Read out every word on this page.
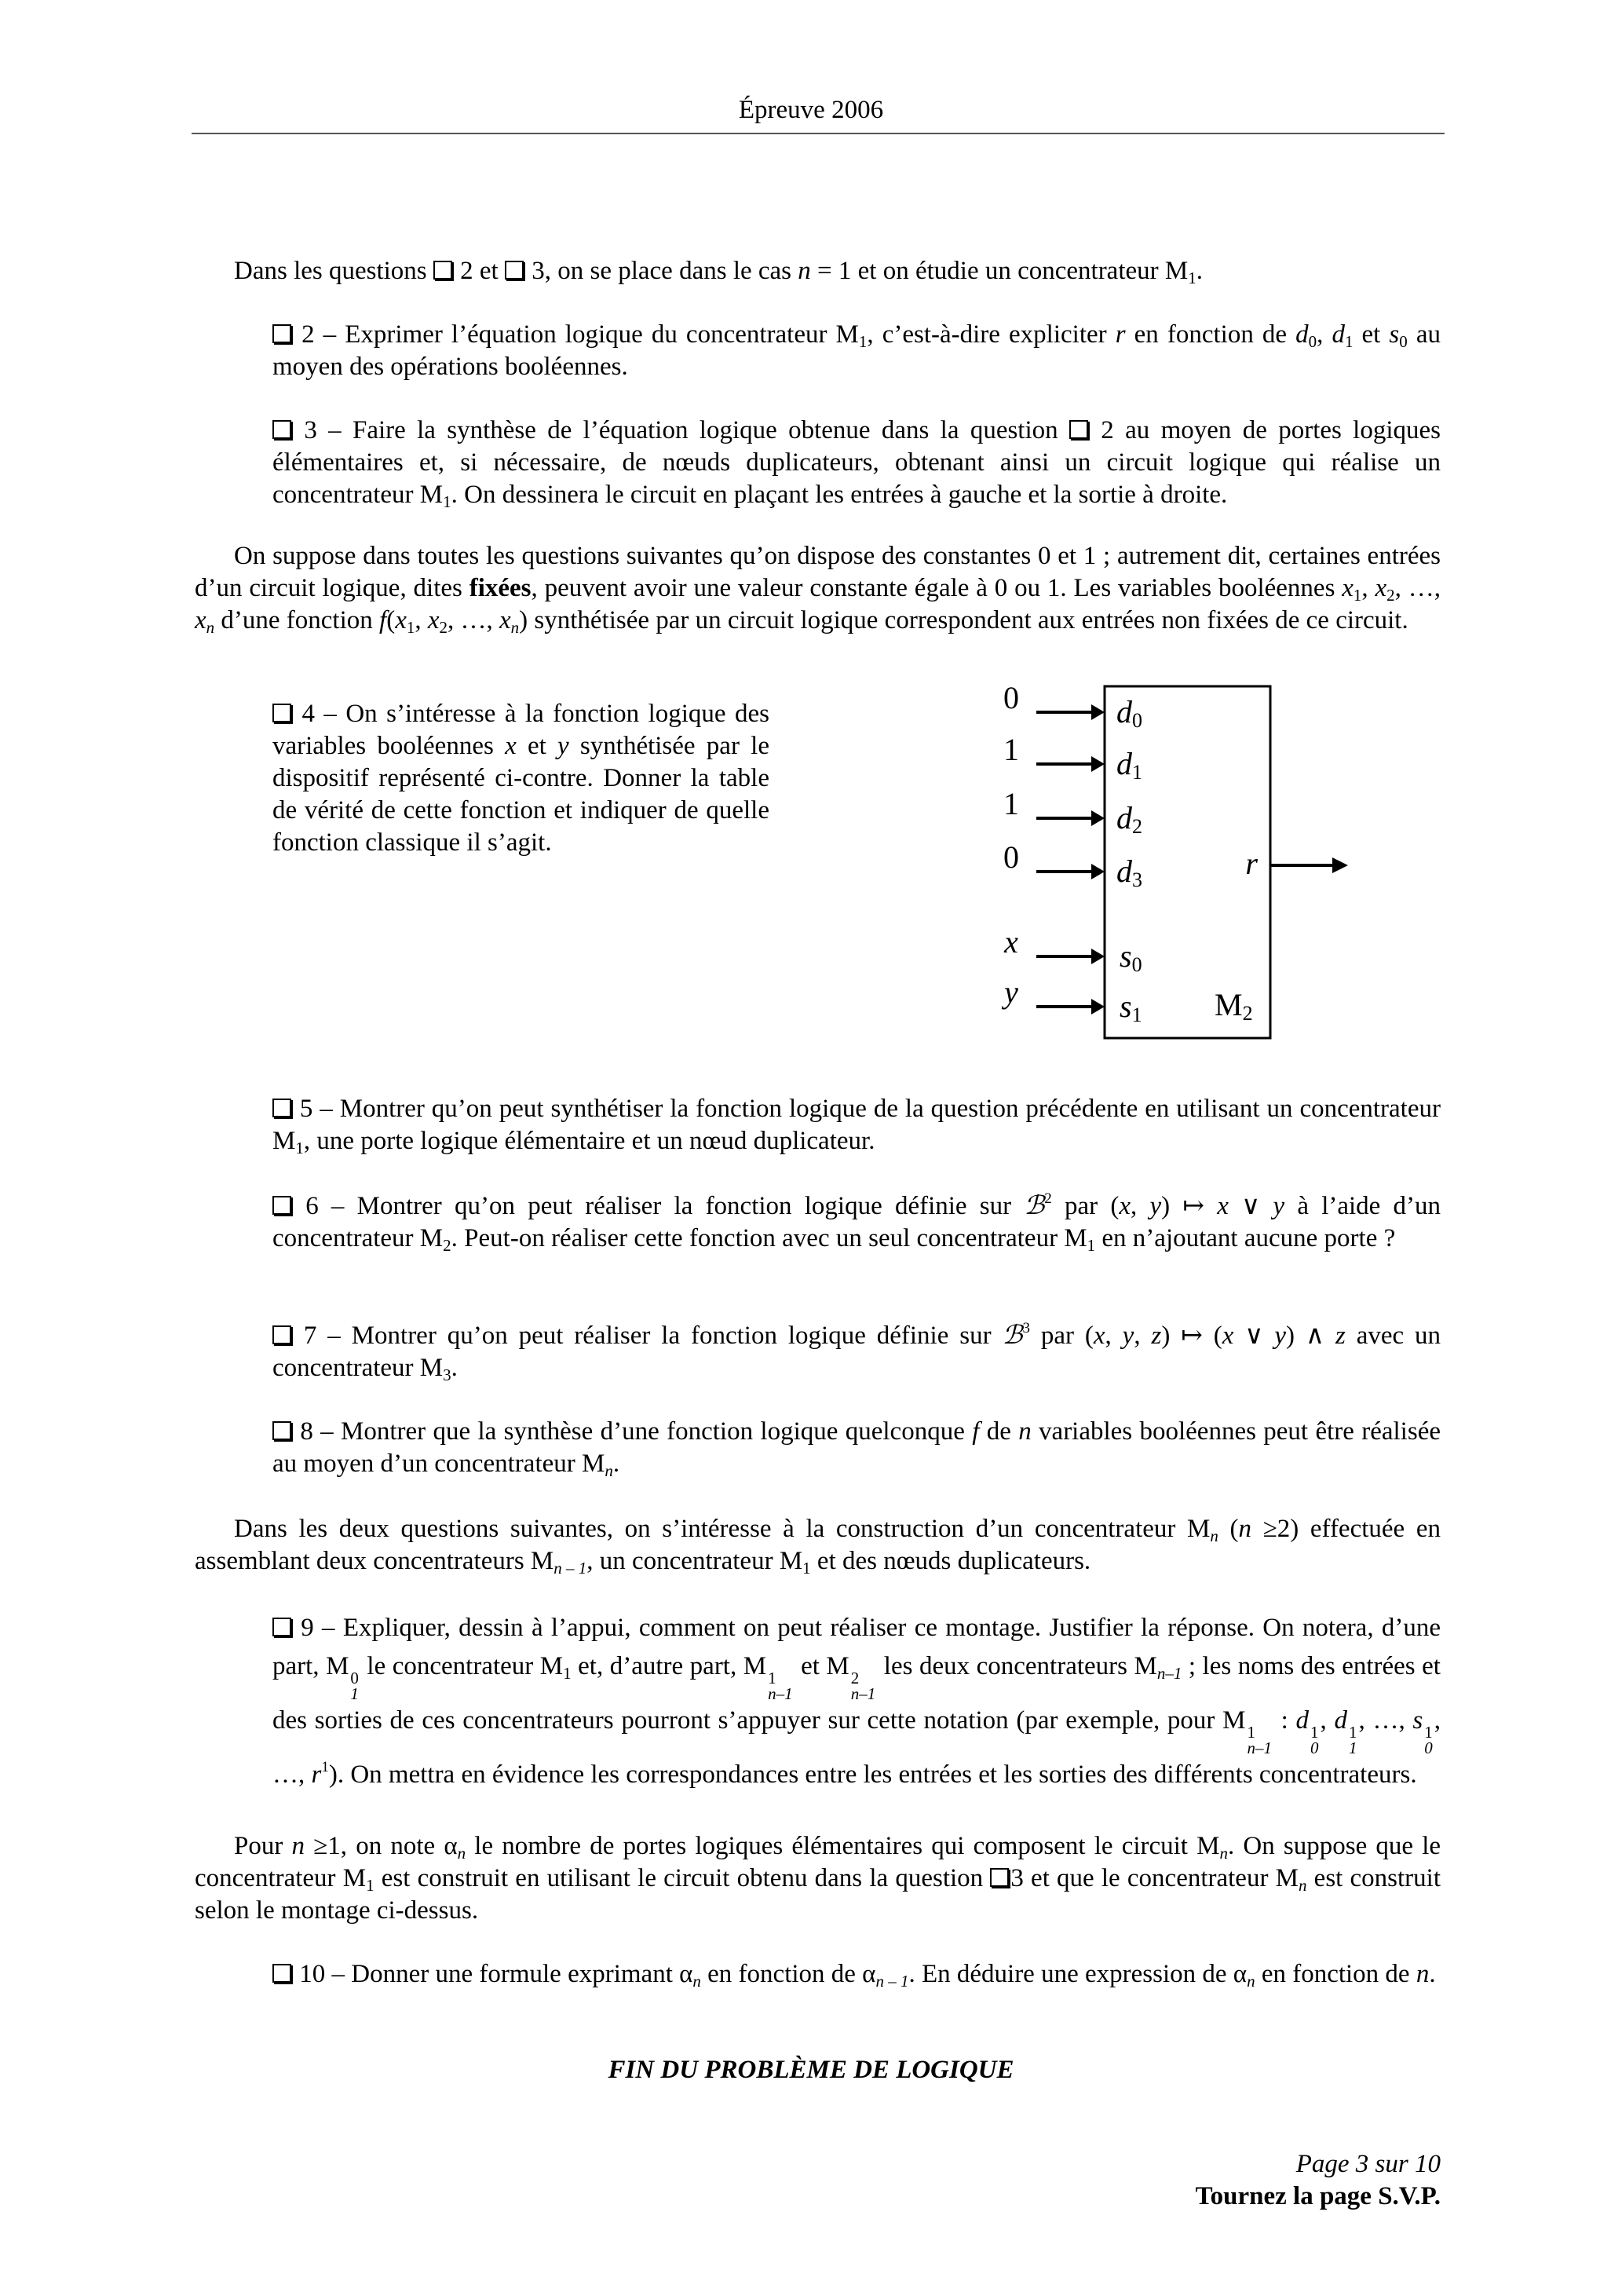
Épreuve 2006
Dans les questions  2 et  3, on se place dans le cas n = 1 et on étudie un concentrateur M1.
2 – Exprimer l’équation logique du concentrateur M1, c’est-à-dire expliciter r en fonction de d0, d1 et s0 au moyen des opérations booléennes.
3 – Faire la synthèse de l’équation logique obtenue dans la question  2 au moyen de portes logiques élémentaires et, si nécessaire, de nœuds duplicateurs, obtenant ainsi un circuit logique qui réalise un concentrateur M1. On dessinera le circuit en plaçant les entrées à gauche et la sortie à droite.
On suppose dans toutes les questions suivantes qu’on dispose des constantes 0 et 1 ; autrement dit, certaines entrées d’un circuit logique, dites fixées, peuvent avoir une valeur constante égale à 0 ou 1. Les variables booléennes x1, x2, …, xn d’une fonction f(x1, x2, …, xn) synthétisée par un circuit logique correspondent aux entrées non fixées de ce circuit.
4 – On s’intéresse à la fonction logique des variables booléennes x et y synthétisée par le dispositif représenté ci-contre. Donner la table de vérité de cette fonction et indiquer de quelle fonction classique il s’agit.
0	d0
1	d1
1	d2
0	d3
x	s0
y	s1
r
M2
5 – Montrer qu’on peut synthétiser la fonction logique de la question précédente en utilisant un concentrateur M1, une porte logique élémentaire et un nœud duplicateur.
6 – Montrer qu’on peut réaliser la fonction logique définie sur ℬ$^2$ par (x, y) ↦ x ∨ y à l’aide d’un concentrateur M2. Peut-on réaliser cette fonction avec un seul concentrateur M1 en n’ajoutant aucune porte ?
7 – Montrer qu’on peut réaliser la fonction logique définie sur ℬ$^3$ par (x, y, z) ↦ (x ∨ y) ∧ z avec un concentrateur M3.
8 – Montrer que la synthèse d’une fonction logique quelconque f de n variables booléennes peut être réalisée au moyen d’un concentrateur Mn.
Dans les deux questions suivantes, on s’intéresse à la construction d’un concentrateur Mn (n ≥2) effectuée en assemblant deux concentrateurs Mn – 1, un concentrateur M1 et des nœuds duplicateurs.
9 – Expliquer, dessin à l’appui, comment on peut réaliser ce montage. Justifier la réponse. On notera, d’une part, M 0
1
le concentrateur M1 et, d’autre part, M 1
n–1
et M 2
n–1
les deux concentrateurs Mn–1 ; les noms des entrées et des sorties de ces concentrateurs pourront s’appuyer sur cette notation (par exemple, pour M 1
n–1
: d 1
0
, d 1
1
, …, s 1
0
, …, $r^1$). On mettra en évidence les correspondances entre les entrées et les sorties des différents concentrateurs.
Pour n ≥1, on note αn le nombre de portes logiques élémentaires qui composent le circuit Mn. On suppose que le concentrateur M1 est construit en utilisant le circuit obtenu dans la question 3 et que le concentrateur Mn est construit selon le montage ci-dessus.
10 – Donner une formule exprimant αn en fonction de αn – 1. En déduire une expression de αn en fonction de n.
FIN DU PROBLÈME DE LOGIQUE
Page 3 sur 10
Tournez la page S.V.P.
